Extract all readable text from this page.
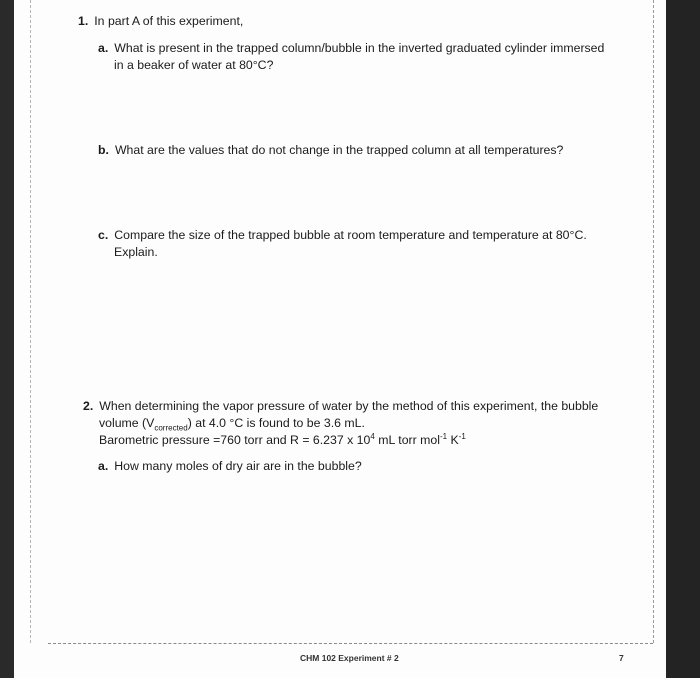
1. In part A of this experiment,
a. What is present in the trapped column/bubble in the inverted graduated cylinder immersed
in a beaker of water at 80°C?
b. What are the values that do not change in the trapped column at all temperatures?
c. Compare the size of the trapped bubble at room temperature and temperature at 80°C.
Explain.
2. When determining the vapor pressure of water by the method of this experiment, the bubble
volume $(V_{corrected})$ at 4.0 °C is found to be 3.6 mL.
Barometric pressure =760 torr and R = 6.237 x $10^4$ mL torr mol$^{-1}$ $K^{-1}$
a. How many moles of dry air are in the bubble?
CHM 102 Experiment # 2	7
